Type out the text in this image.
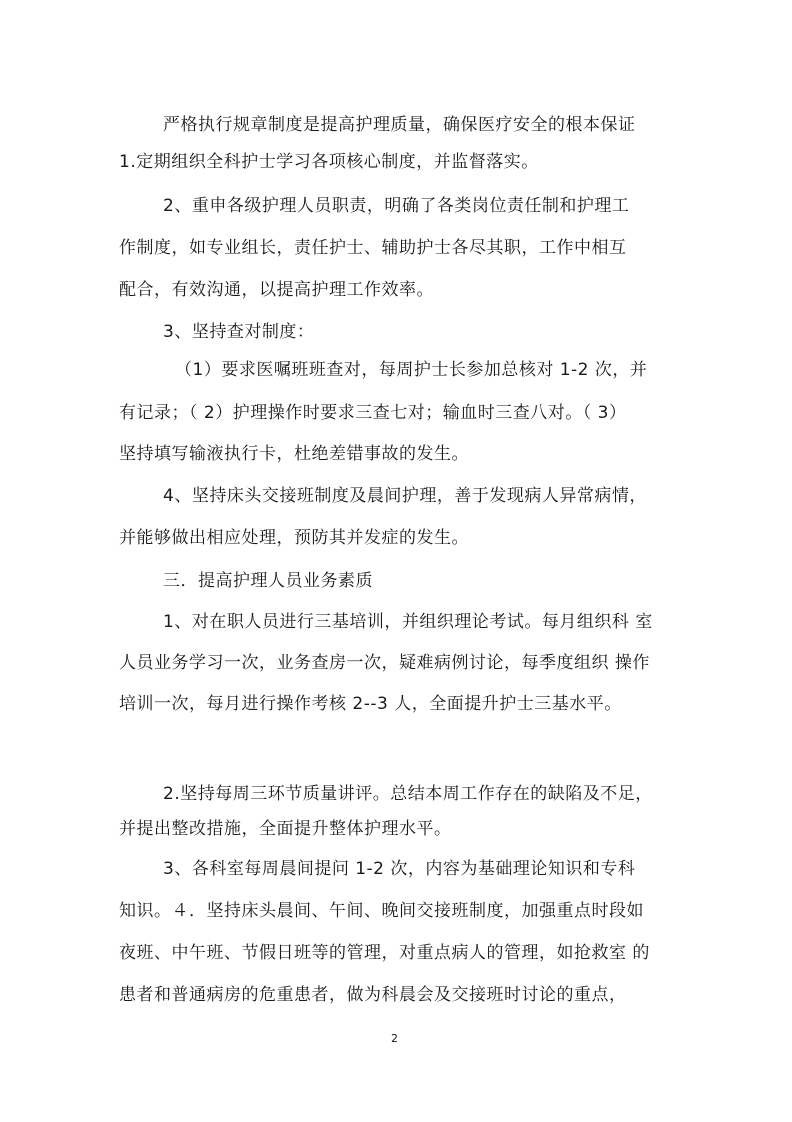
严格执行规章制度是提高护理质量，确保医疗安全的根本保证

1.定期组织全科护士学习各项核心制度，并监督落实。

2、重申各级护理人员职责，明确了各类岗位责任制和护理工

作制度，如专业组长，责任护士、辅助护士各尽其职，工作中相互

配合，有效沟通，以提高护理工作效率。

3、坚持查对制度：

（1）要求医嘱班班查对，每周护士长参加总核对 1-2 次，并

有记录；（ 2）护理操作时要求三查七对；输血时三查八对。（ 3）

坚持填写输液执行卡，杜绝差错事故的发生。

4、坚持床头交接班制度及晨间护理，善于发现病人异常病情，

并能够做出相应处理，预防其并发症的发生。

三．提高护理人员业务素质

1、对在职人员进行三基培训，并组织理论考试。每月组织科 室

人员业务学习一次，业务查房一次，疑难病例讨论，每季度组织 操作

培训一次，每月进行操作考核 2--3 人，全面提升护士三基水平。

2.坚持每周三环节质量讲评。总结本周工作存在的缺陷及不足，

并提出整改措施，全面提升整体护理水平。

3、各科室每周晨间提问 1-2 次，内容为基础理论知识和专科

知识。４．坚持床头晨间、午间、晚间交接班制度，加强重点时段如

夜班、中午班、节假日班等的管理，对重点病人的管理，如抢救室 的

患者和普通病房的危重患者，做为科晨会及交接班时讨论的重点，

2
